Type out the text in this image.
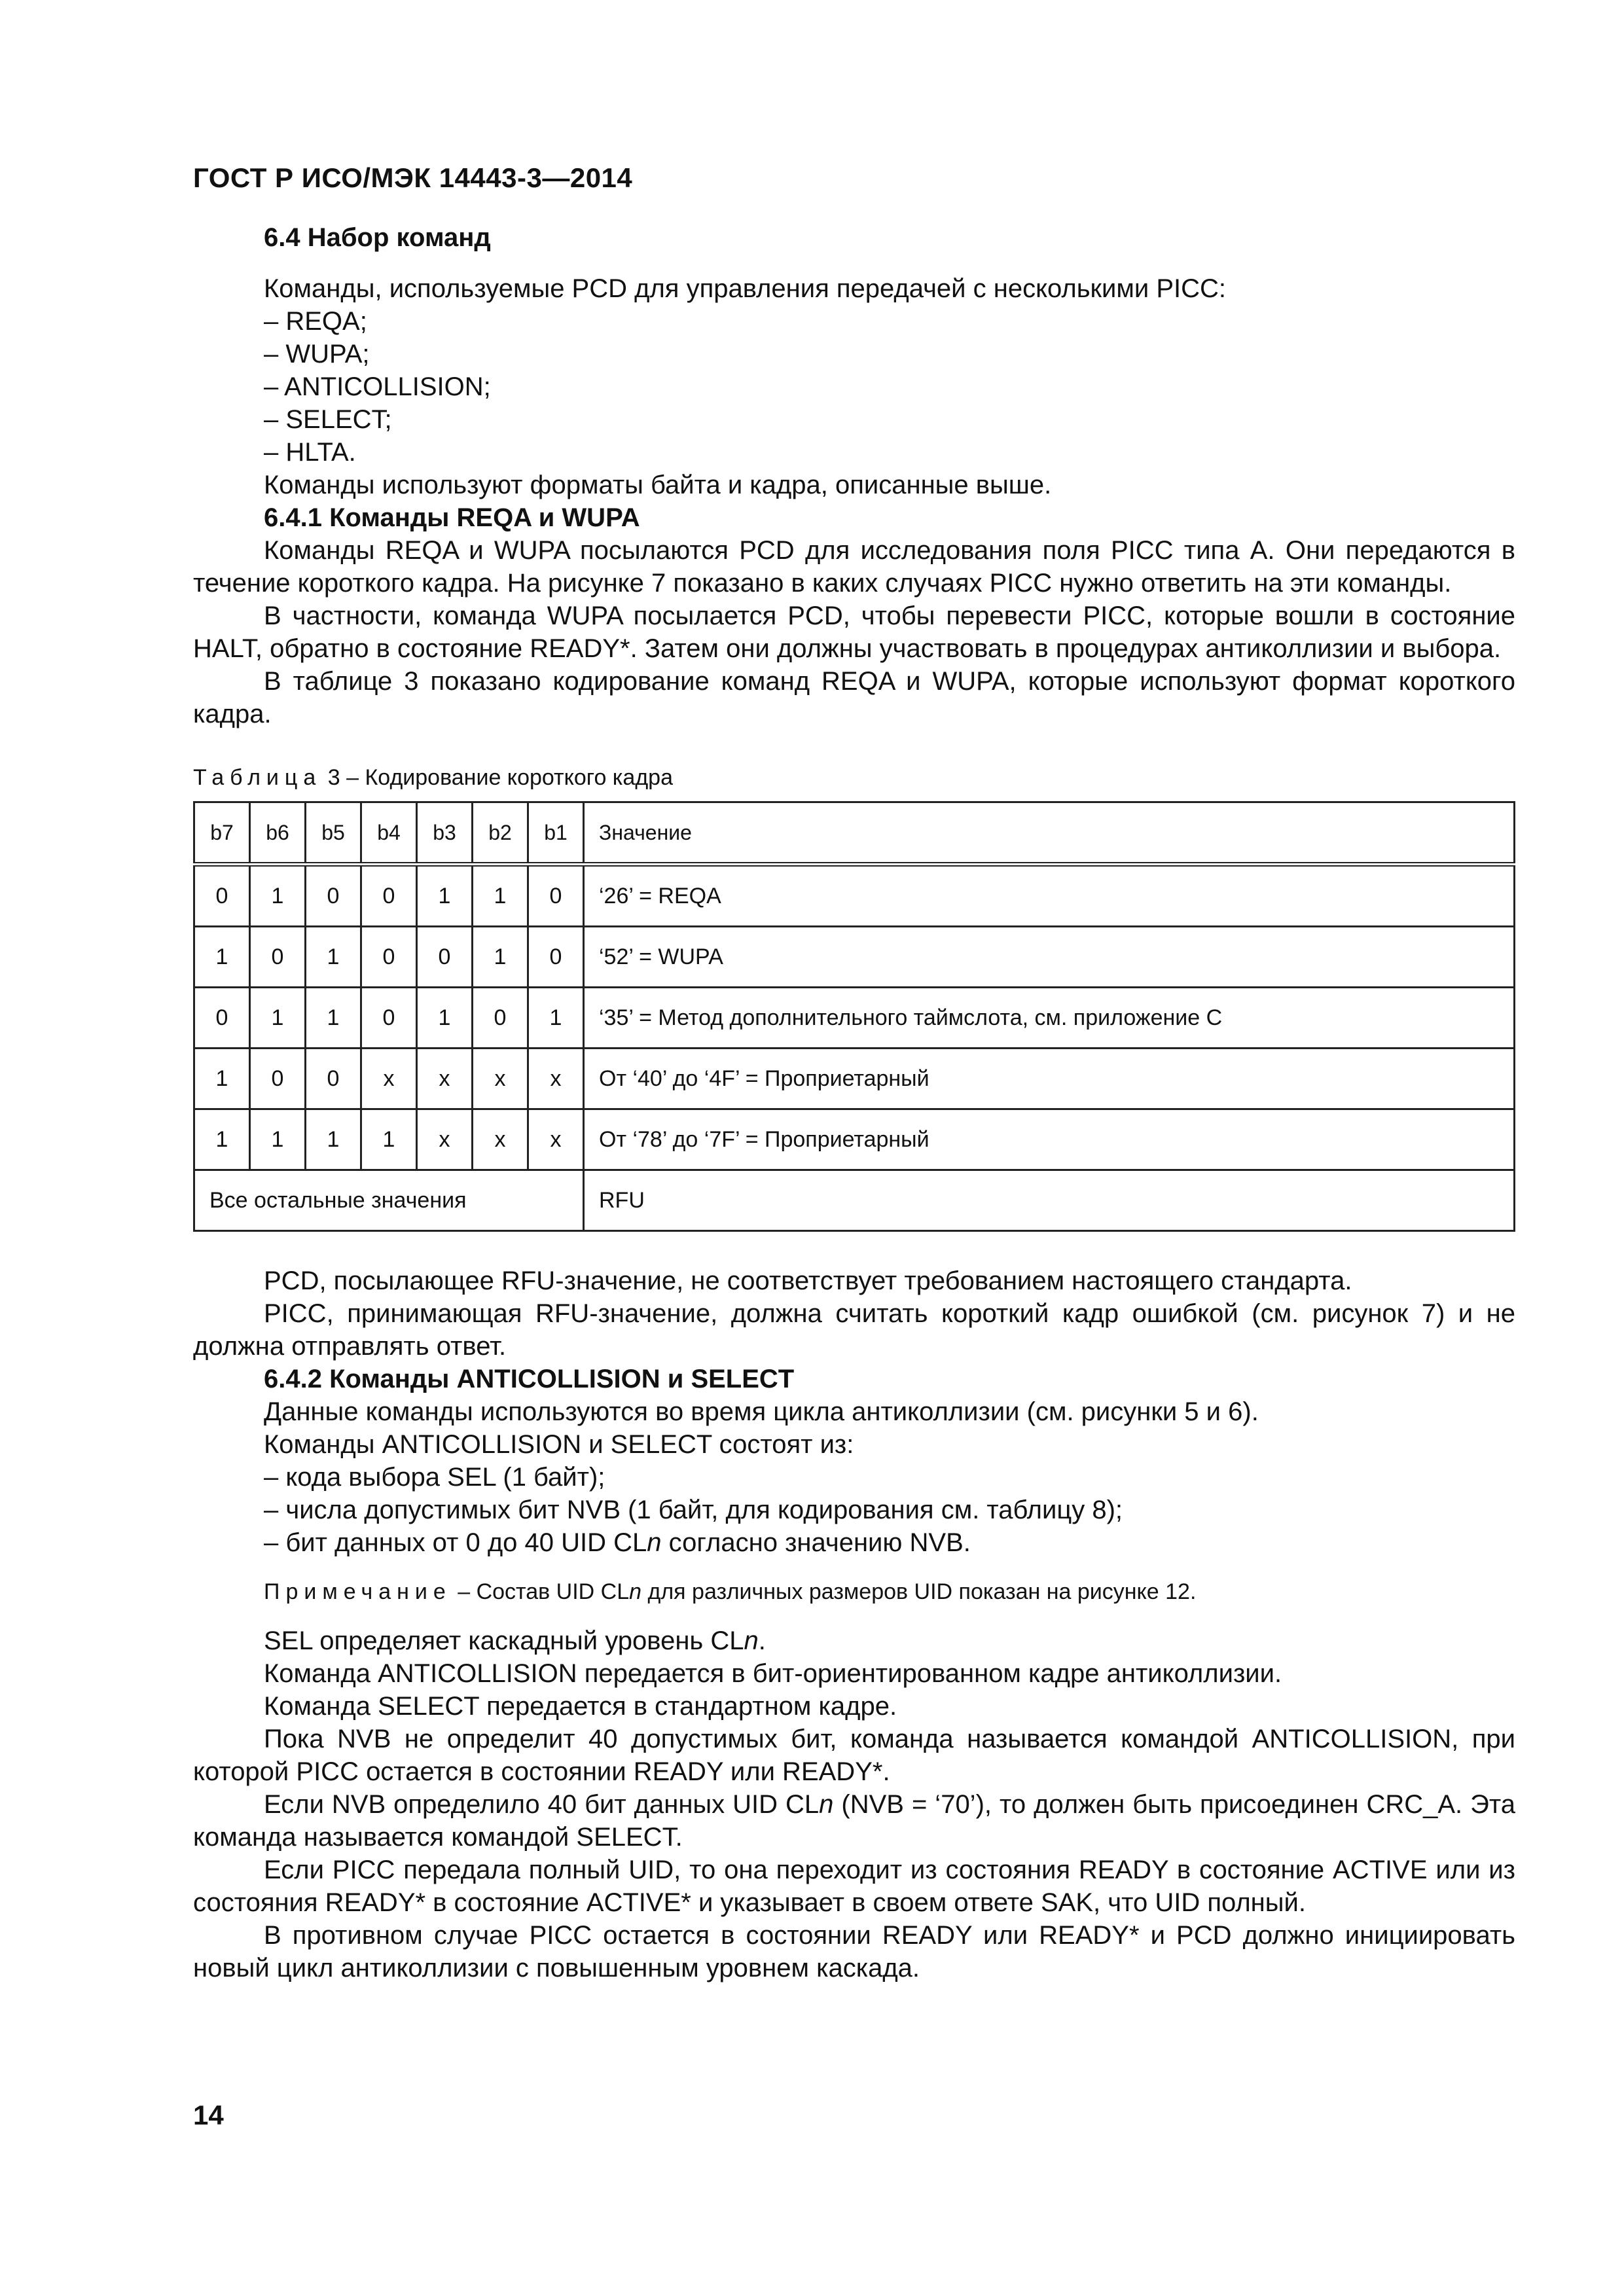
ГОСТ Р ИСО/МЭК 14443-3—2014

6.4 Набор команд

Команды, используемые PCD для управления передачей с несколькими PICC:

– REQA;

– WUPA;

– ANTICOLLISION;

– SELECT;

– HLTA.

Команды используют форматы байта и кадра, описанные выше.

6.4.1 Команды REQA и WUPA

Команды REQA и WUPA посылаются PCD для исследования поля PICC типа А. Они передаются в течение короткого кадра. На рисунке 7 показано в каких случаях PICC нужно ответить на эти команды.

В частности, команда WUPA посылается PCD, чтобы перевести PICC, которые вошли в состояние HALT, обратно в состояние READY*. Затем они должны участвовать в процедурах антиколлизии и выбора.

В таблице 3 показано кодирование команд REQA и WUPA, которые используют формат короткого кадра.

Таблица 3 – Кодирование короткого кадра

b7	b6	b5	b4	b3	b2	b1	Значение
0	1	0	0	1	1	0	‘26’ = REQA
1	0	1	0	0	1	0	‘52’ = WUPA
0	1	1	0	1	0	1	‘35’ = Метод дополнительного таймслота, см. приложение С
1	0	0	x	x	x	x	От ‘40’ до ‘4F’ = Проприетарный
1	1	1	1	x	x	x	От ‘78’ до ‘7F’ = Проприетарный
Все остальные значения							RFU

PCD, посылающее RFU-значение, не соответствует требованием настоящего стандарта.

PICC, принимающая RFU-значение, должна считать короткий кадр ошибкой (см. рисунок 7) и не должна отправлять ответ.

6.4.2 Команды ANTICOLLISION и SELECT

Данные команды используются во время цикла антиколлизии (см. рисунки 5 и 6).

Команды ANTICOLLISION и SELECT состоят из:

– кода выбора SEL (1 байт);

– числа допустимых бит NVB (1 байт, для кодирования см. таблицу 8);

– бит данных от 0 до 40 UID CLn согласно значению NVB.

Примечание – Состав UID CLn для различных размеров UID показан на рисунке 12.

SEL определяет каскадный уровень CLn.

Команда ANTICOLLISION передается в бит-ориентированном кадре антиколлизии.

Команда SELECT передается в стандартном кадре.

Пока NVB не определит 40 допустимых бит, команда называется командой ANTICOLLISION, при которой PICC остается в состоянии READY или READY*.

Если NVB определило 40 бит данных UID CLn (NVB = ‘70’), то должен быть присоединен CRC_A. Эта команда называется командой SELECT.

Если PICC передала полный UID, то она переходит из состояния READY в состояние ACTIVE или из состояния READY* в состояние ACTIVE* и указывает в своем ответе SAK, что UID полный.

В противном случае PICC остается в состоянии READY или READY* и PCD должно инициировать новый цикл антиколлизии с повышенным уровнем каскада.

14
